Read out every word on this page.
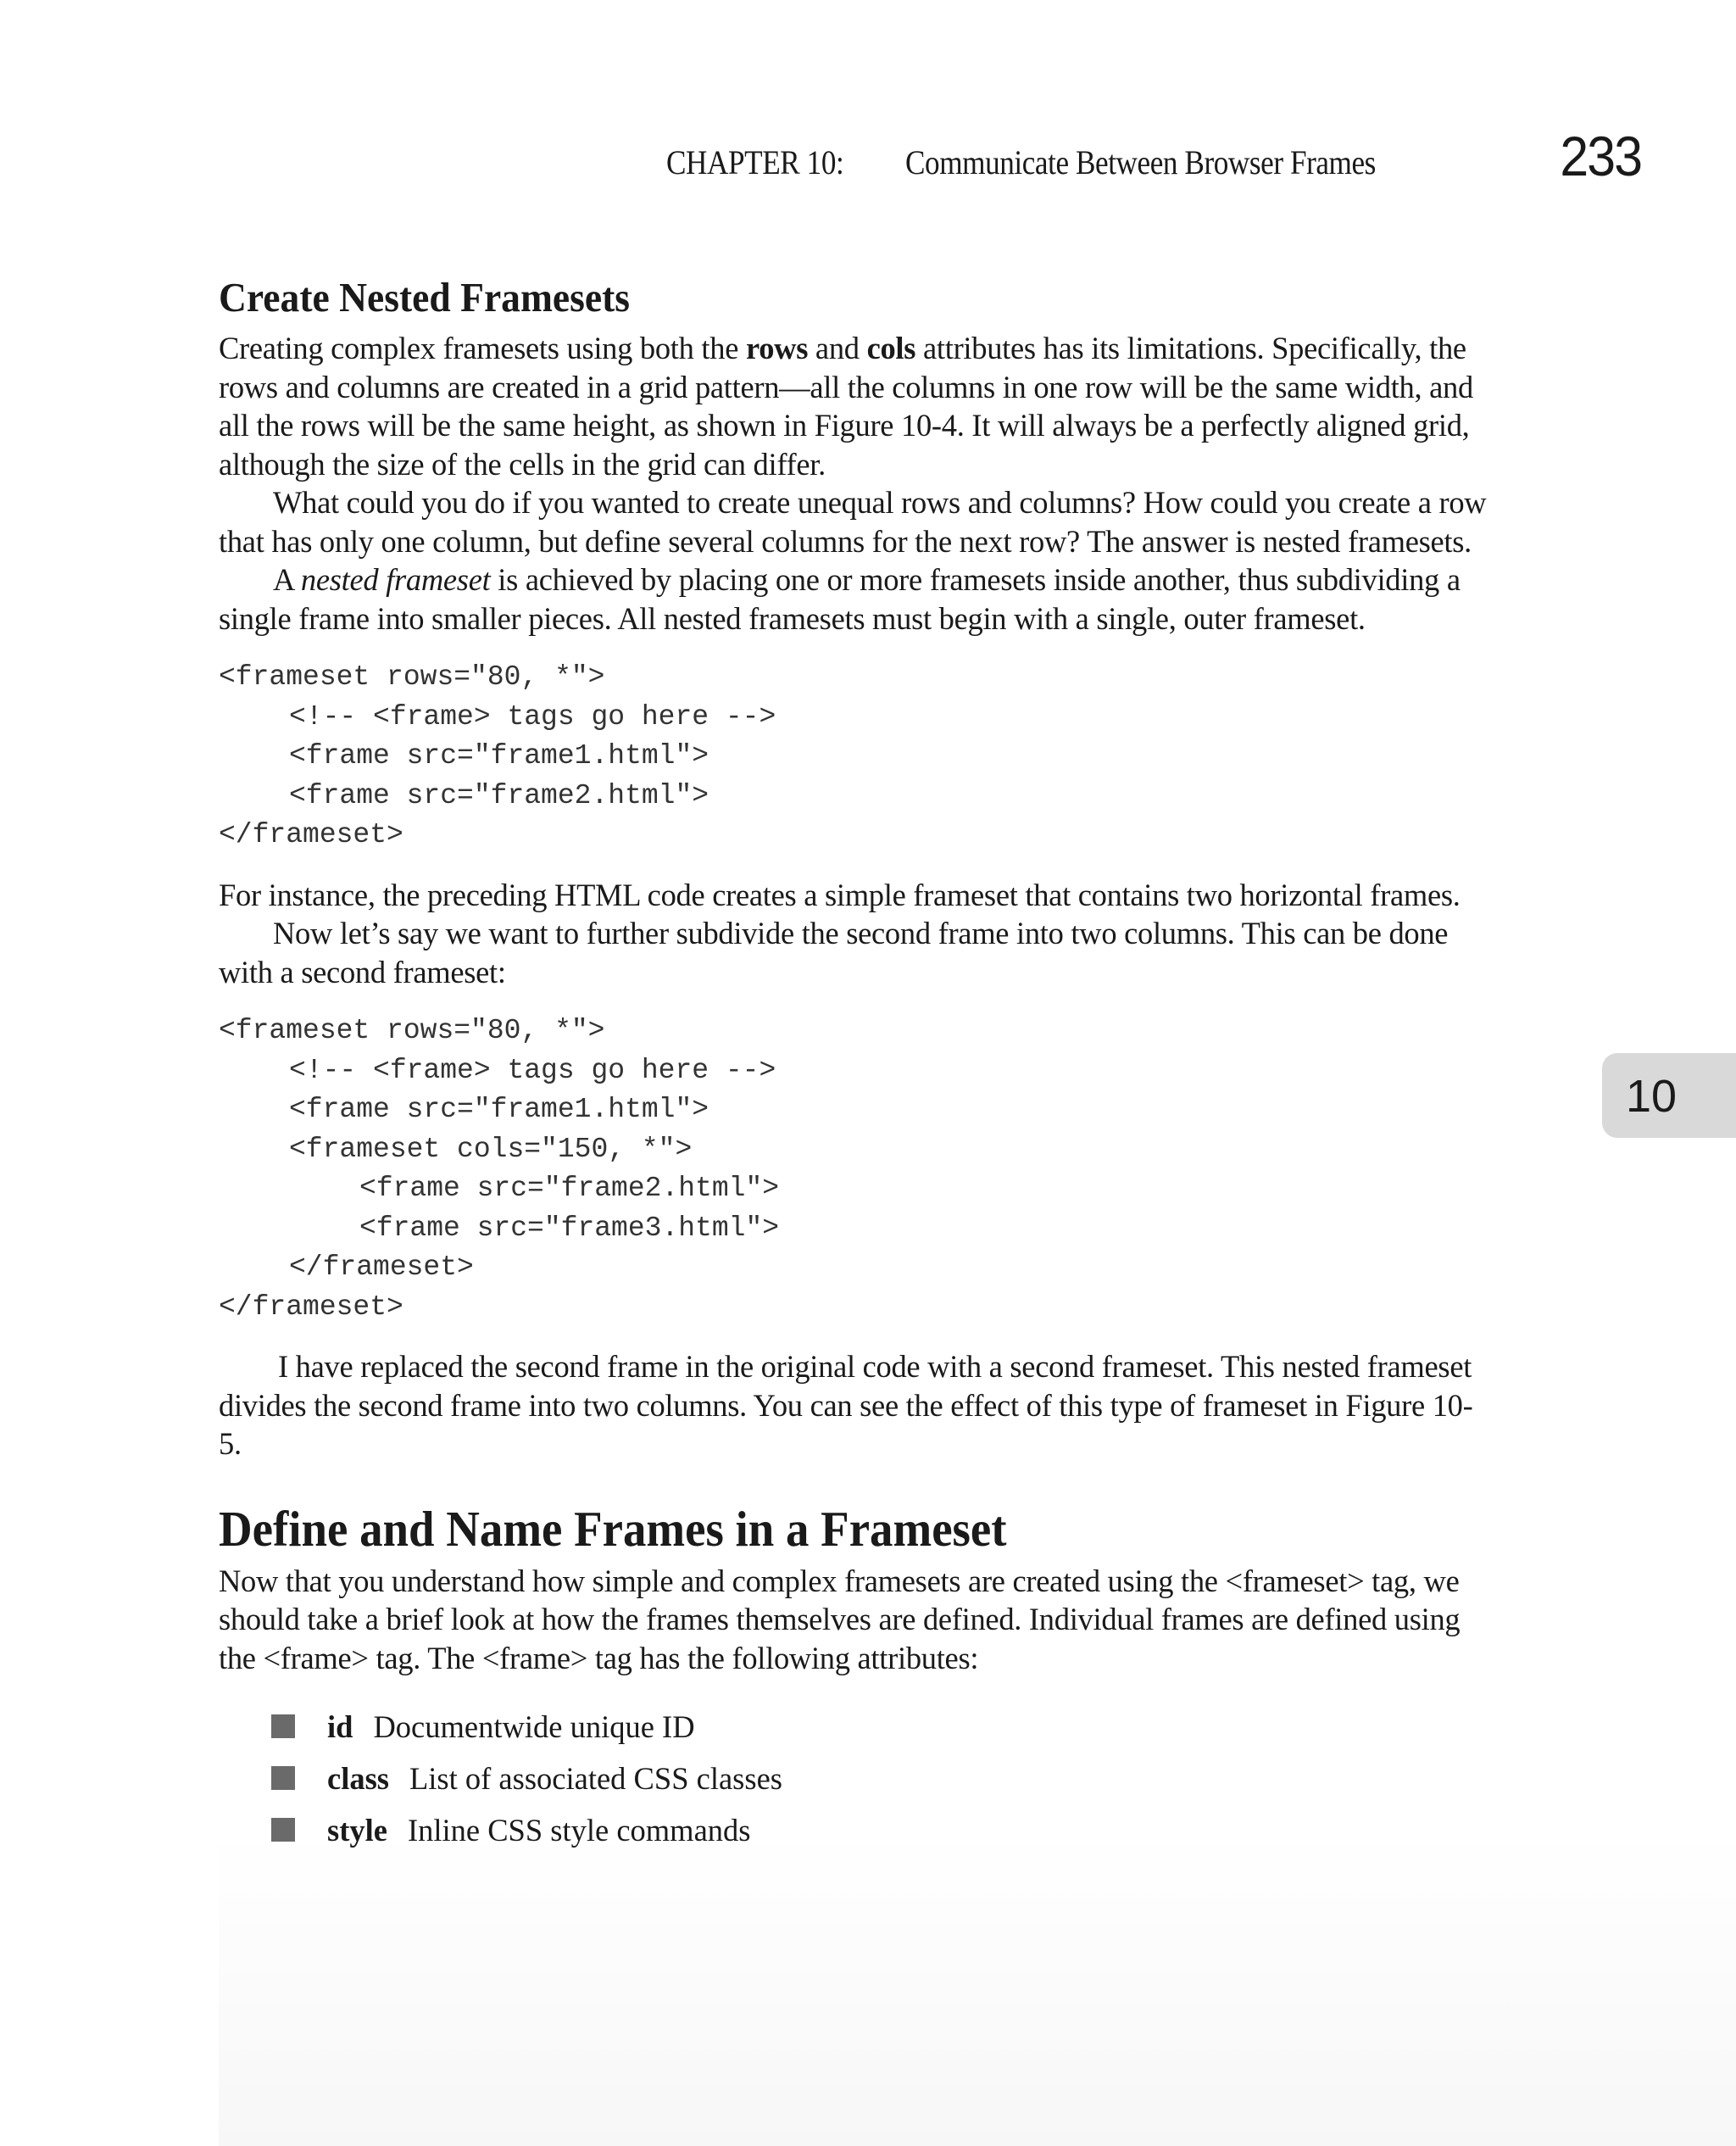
CHAPTER 10: Communicate Between Browser Frames	233
10
Create Nested Framesets

Creating complex framesets using both the rows and cols attributes has its limitations. Specifically, the rows and columns are created in a grid pattern—all the columns in one row will be the same width, and all the rows will be the same height, as shown in Figure 10-4. It will always be a perfectly aligned grid, although the size of the cells in the grid can differ.

What could you do if you wanted to create unequal rows and columns? How could you create a row that has only one column, but define several columns for the next row? The answer is nested framesets.

A nested frameset is achieved by placing one or more framesets inside another, thus subdividing a single frame into smaller pieces. All nested framesets must begin with a single, outer frameset.

<frameset rows="80, *">
<!-- <frame> tags go here -->
<frame src="frame1.html">
<frame src="frame2.html">
</frameset>

For instance, the preceding HTML code creates a simple frameset that contains two horizontal frames.

Now let’s say we want to further subdivide the second frame into two columns. This can be done with a second frameset:

<frameset rows="80, *">
<!-- <frame> tags go here -->
<frame src="frame1.html">
<frameset cols="150, *">
<frame src="frame2.html">
<frame src="frame3.html">
</frameset>
</frameset>

I have replaced the second frame in the original code with a second frameset. This nested frameset divides the second frame into two columns. You can see the effect of this type of frameset in Figure 10-5.

Define and Name Frames in a Frameset

Now that you understand how simple and complex framesets are created using the <frameset> tag, we should take a brief look at how the frames themselves are defined. Individual frames are defined using the <frame> tag. The <frame> tag has the following attributes:

id Documentwide unique ID
class List of associated CSS classes
style Inline CSS style commands
